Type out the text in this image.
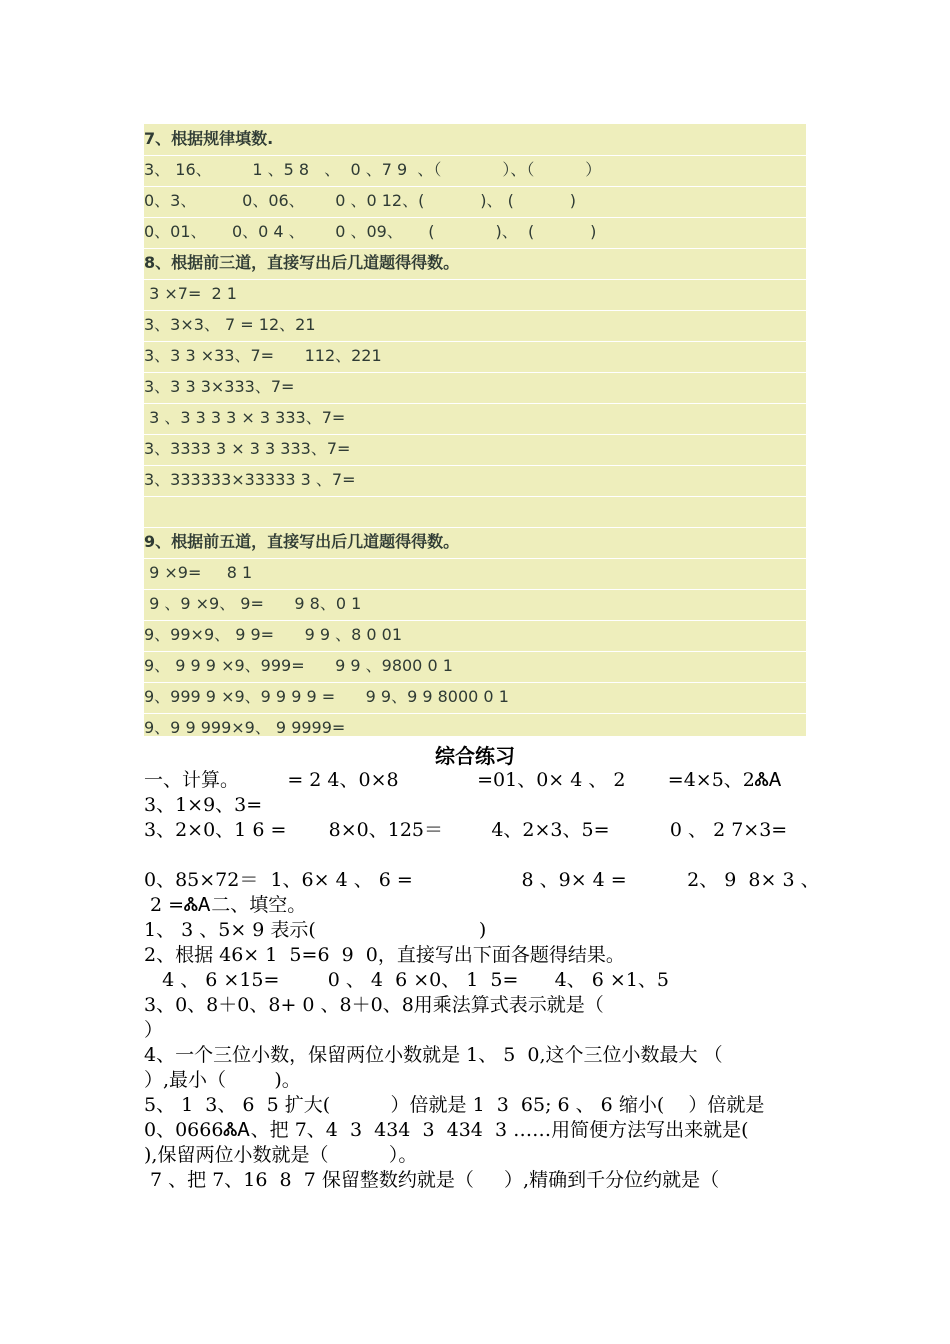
7、根据规律填数.
3、 16、        1 、5 8   、  0 、7 9  、（            ）、（          ）
0、3、         0、06、      0 、0 12、(           )、 (           )
0、01、     0、0 4 、      0 、09、     (            )、  (           )
8、根据前三道，直接写出后几道题得得数。
3 ×7=  2 1
3、3×3、 7 = 12、21
3、3 3 ×33、7=      112、221
3、3 3 3×333、7=
3 、3 3 3 3 × 3 333、7=
3、3333 3 × 3 3 333、7=
3、333333×33333 3 、7=
9、根据前五道，直接写出后几道题得得数。
9 ×9=     8 1
9 、9 ×9、 9=      9 8、0 1
9、99×9、 9 9=      9 9 、8 0 01
9、 9 9 9 ×9、999=      9 9 、9800 0 1
9、999 9 ×9、9 9 9 9 =      9 9、9 9 8000 0 1
9、9 9 999×9、 9 9999=
综合练习
一、计算。        = 2 4、0×8             =01、0× 4 、 2       =4×5、2ᏜᎪ
3、1×9、3=
3、2×0、1 6 =       8×0、125＝        4、2×3、5=          0 、 2 7×3=
0、85×72＝  1、6× 4 、 6 =                  8 、9× 4 =          2、 9  8× 3 、
2 =ᏜᎪ二、填空。
1、 3 、5× 9 表示(                           )
2、根据 46× 1  5=6  9  0，直接写出下面各题得结果。
4 、 6 ×15=        0 、 4  6 ×0、 1  5=      4、 6 ×1、5
3、0、8＋0、8+ 0 、8＋0、8用乘法算式表示就是（
）
4、一个三位小数，保留两位小数就是 1、 5  0,这个三位小数最大 （
）,最小（        )。
5、 1  3、 6  5 扩大(          ）倍就是 1  3  65; 6 、 6 缩小(    ）倍就是
0、0666ᏜᎪ、把 7、4  3  434  3  434  3 ……用简便方法写出来就是(
),保留两位小数就是（          ）。
7 、把 7、16  8  7 保留整数约就是（     ）,精确到千分位约就是（
